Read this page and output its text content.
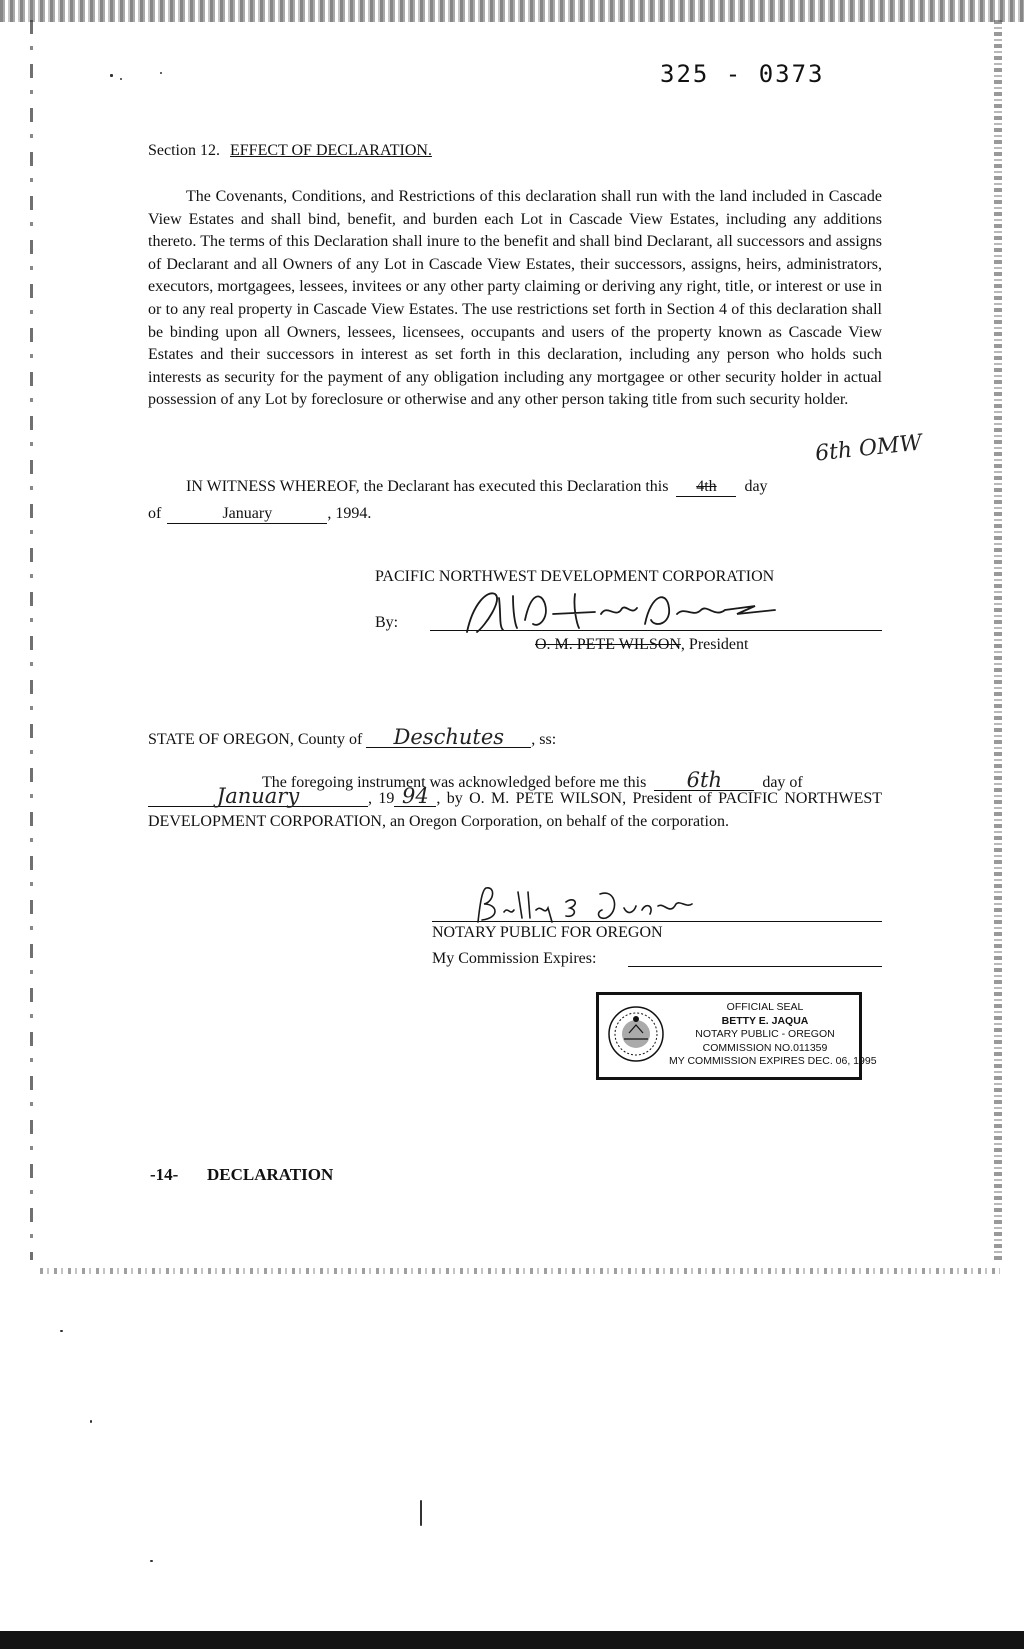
325 - 0373
Section 12. EFFECT OF DECLARATION.

The Covenants, Conditions, and Restrictions of this declaration shall run with the land included in Cascade View Estates and shall bind, benefit, and burden each Lot in Cascade View Estates, including any additions thereto. The terms of this Declaration shall inure to the benefit and shall bind Declarant, all successors and assigns of Declarant and all Owners of any Lot in Cascade View Estates, their successors, assigns, heirs, administrators, executors, mortgagees, lessees, invitees or any other party claiming or deriving any right, title, or interest or use in or to any real property in Cascade View Estates. The use restrictions set forth in Section 4 of this declaration shall be binding upon all Owners, lessees, licensees, occupants and users of the property known as Cascade View Estates and their successors in interest as set forth in this declaration, including any person who holds such interests as security for the payment of any obligation including any mortgagee or other security holder in actual possession of any Lot by foreclosure or otherwise and any other person taking title from such security holder.

6th OMW
IN WITNESS WHEREOF, the Declarant has executed this Declaration this 4th day
of	January	, 1994.
PACIFIC NORTHWEST DEVELOPMENT CORPORATION
By:
O. M. PETE WILSON, President
STATE OF OREGON, County of Deschutes , ss:
The foregoing instrument was acknowledged before me this 6th	day of

January	, 19 94 , by O. M. PETE WILSON, President of PACIFIC NORTHWEST DEVELOPMENT CORPORATION, an Oregon Corporation, on behalf of the corporation.

NOTARY PUBLIC FOR OREGON
My Commission Expires:
OFFICIAL SEAL
BETTY E. JAQUA
NOTARY PUBLIC - OREGON
COMMISSION NO.011359
MY COMMISSION EXPIRES DEC. 06, 1995
-14- DECLARATION
